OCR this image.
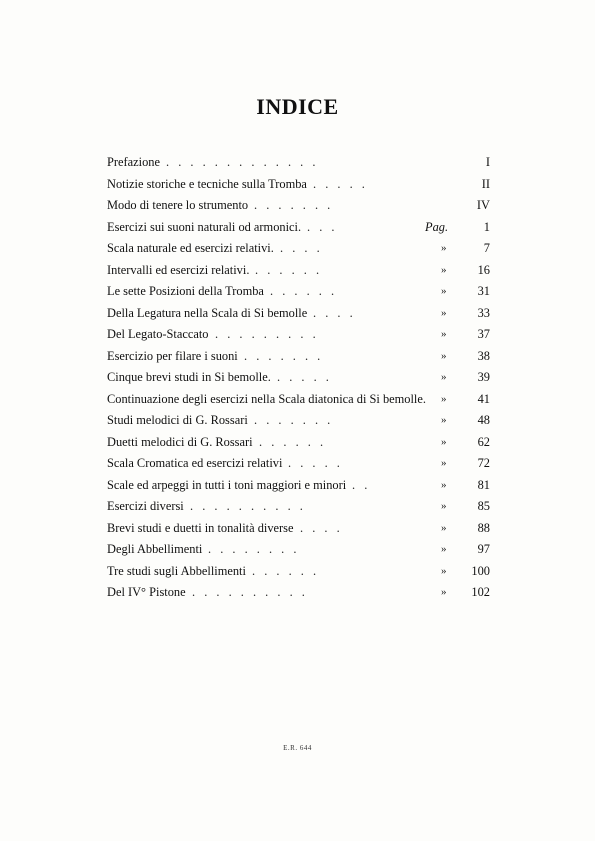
INDICE
Prefazione . . . . . . . . . . . . .	I
Notizie storiche e tecniche sulla Tromba . . . . .	II
Modo di tenere lo strumento . . . . . . .	IV
Esercizi sui suoni naturali od armonici. . . .	Pag.	1
Scala naturale ed esercizi relativi. . . . .	»	7
Intervalli ed esercizi relativi. . . . . . .	»	16
Le sette Posizioni della Tromba . . . . . .	»	31
Della Legatura nella Scala di Si bemolle . . . .	»	33
Del Legato-Staccato . . . . . . . . .	»	37
Esercizio per filare i suoni . . . . . . .	»	38
Cinque brevi studi in Si bemolle. . . . . .	»	39
Continuazione degli esercizi nella Scala diatonica di Si bemolle. »	41
Studi melodici di G. Rossari . . . . . . .	»	48
Duetti melodici di G. Rossari . . . . . .	»	62
Scala Cromatica ed esercizi relativi . . . . .	»	72
Scale ed arpeggi in tutti i toni maggiori e minori . .	»	81
Esercizi diversi . . . . . . . . . .	»	85
Brevi studi e duetti in tonalità diverse . . . .	»	88
Degli Abbellimenti . . . . . . . .	»	97
Tre studi sugli Abbellimenti . . . . . .	» 100
Del IV° Pistone . . . . . . . . . .	» 102
E.R. 644
